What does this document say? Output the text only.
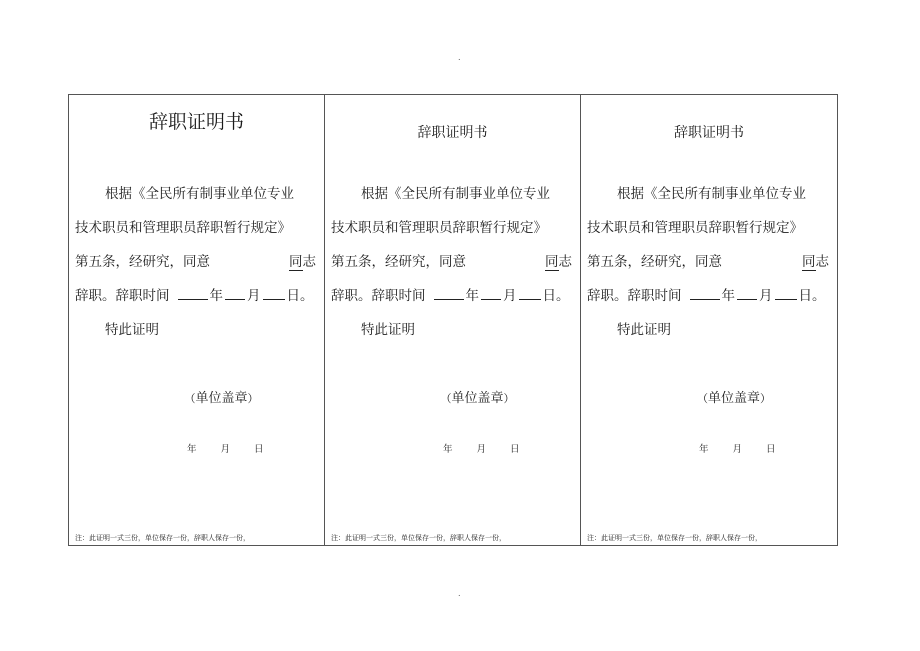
.
辞职证明书
根据《全民所有制事业单位专业
技术职员和管理职员辞职暂行规定》
第五条，经研究，同意	同志
辞职。辞职时间	年 月 日。
特此证明
（单位盖章）
年	月	日
注：此证明一式三份，单位保存一份，辞职人保存一份，
辞职证明书
根据《全民所有制事业单位专业
技术职员和管理职员辞职暂行规定》
第五条，经研究，同意	同志
辞职。辞职时间	年 月 日。
特此证明
（单位盖章）
年	月	日
注：此证明一式三份，单位保存一份，辞职人保存一份，
辞职证明书
根据《全民所有制事业单位专业
技术职员和管理职员辞职暂行规定》
第五条，经研究，同意	同志
辞职。辞职时间	年 月 日。
特此证明
（单位盖章）
年	月	日
注：此证明一式三份，单位保存一份，辞职人保存一份，
.
